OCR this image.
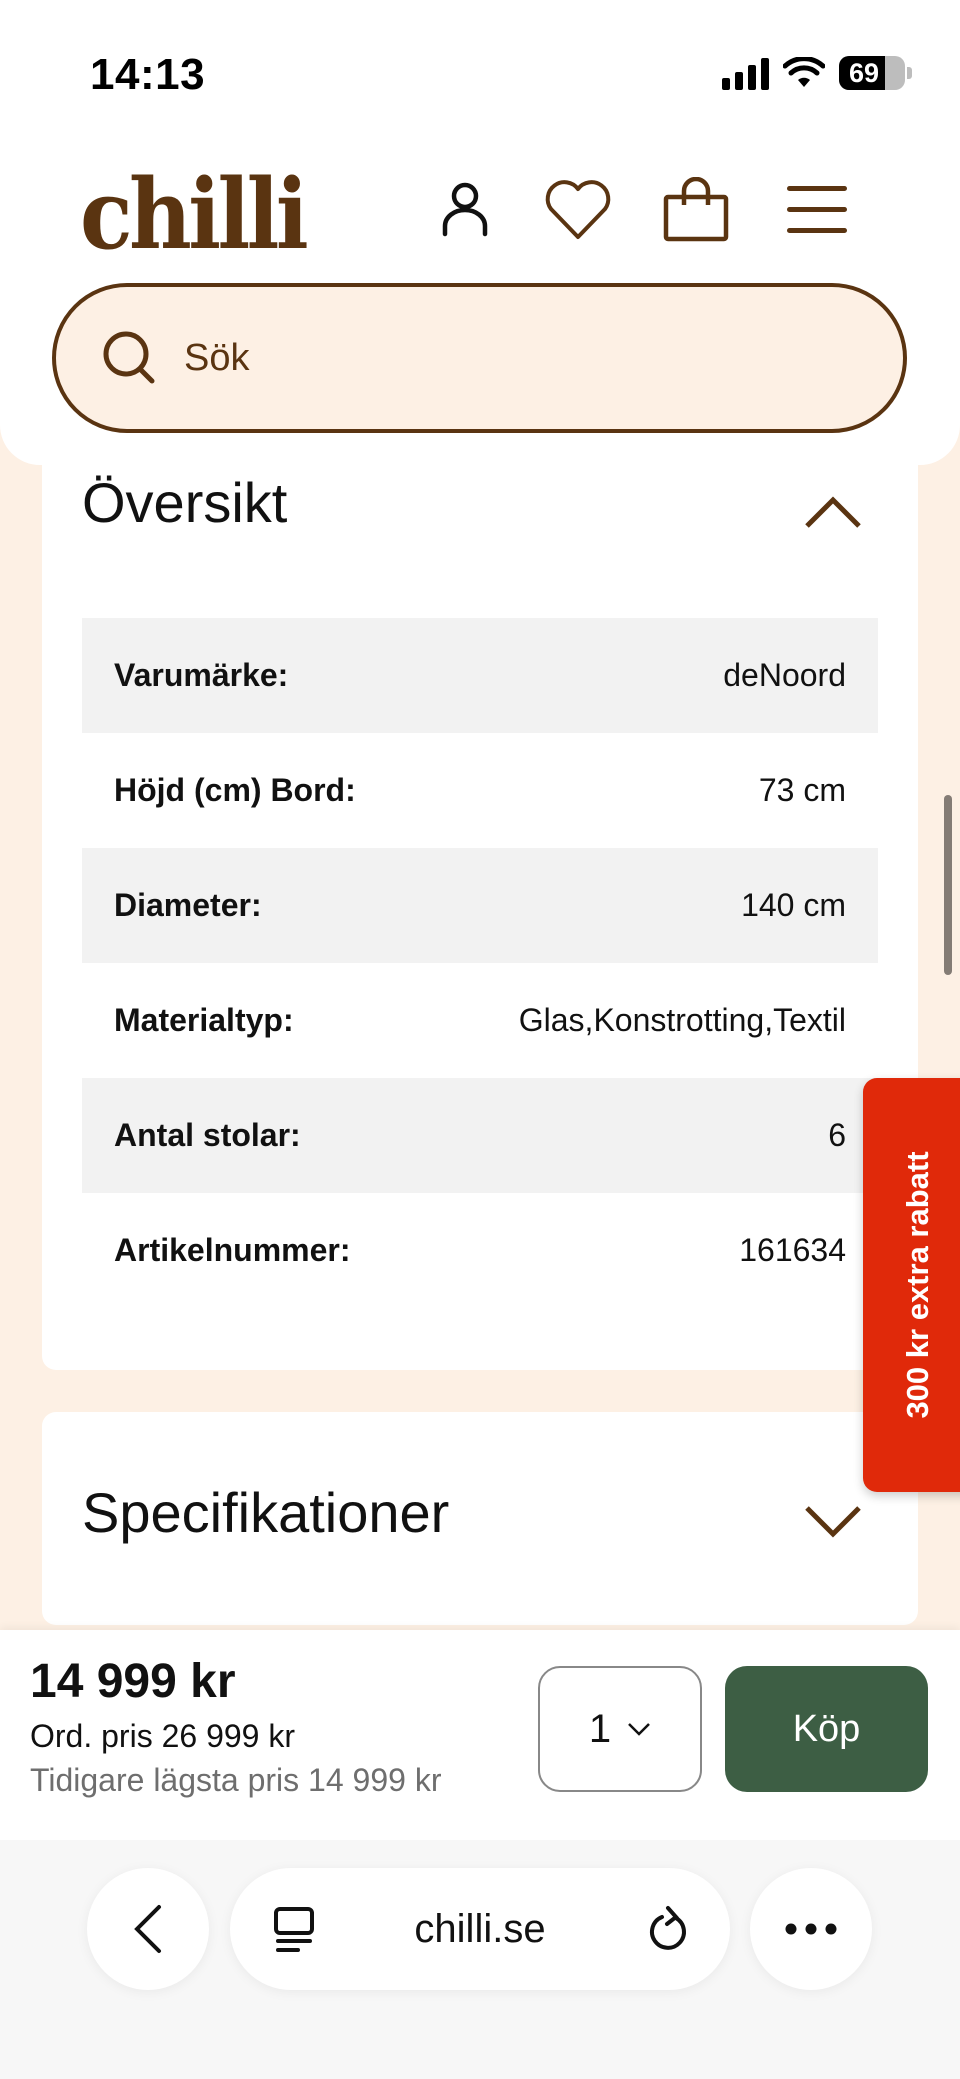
14:13	69
chilli
Sök
Översikt
Varumärke:	deNoord
Höjd (cm) Bord:	73 cm
Diameter:	140 cm
Materialtyp:	Glas,Konstrotting,Textil
Antal stolar:	6
Artikelnummer:	161634
Specifikationer
300 kr extra rabatt
14 999 kr
Ord. pris 26 999 kr
Tidigare lägsta pris 14 999 kr
1	Köp
chilli.se
